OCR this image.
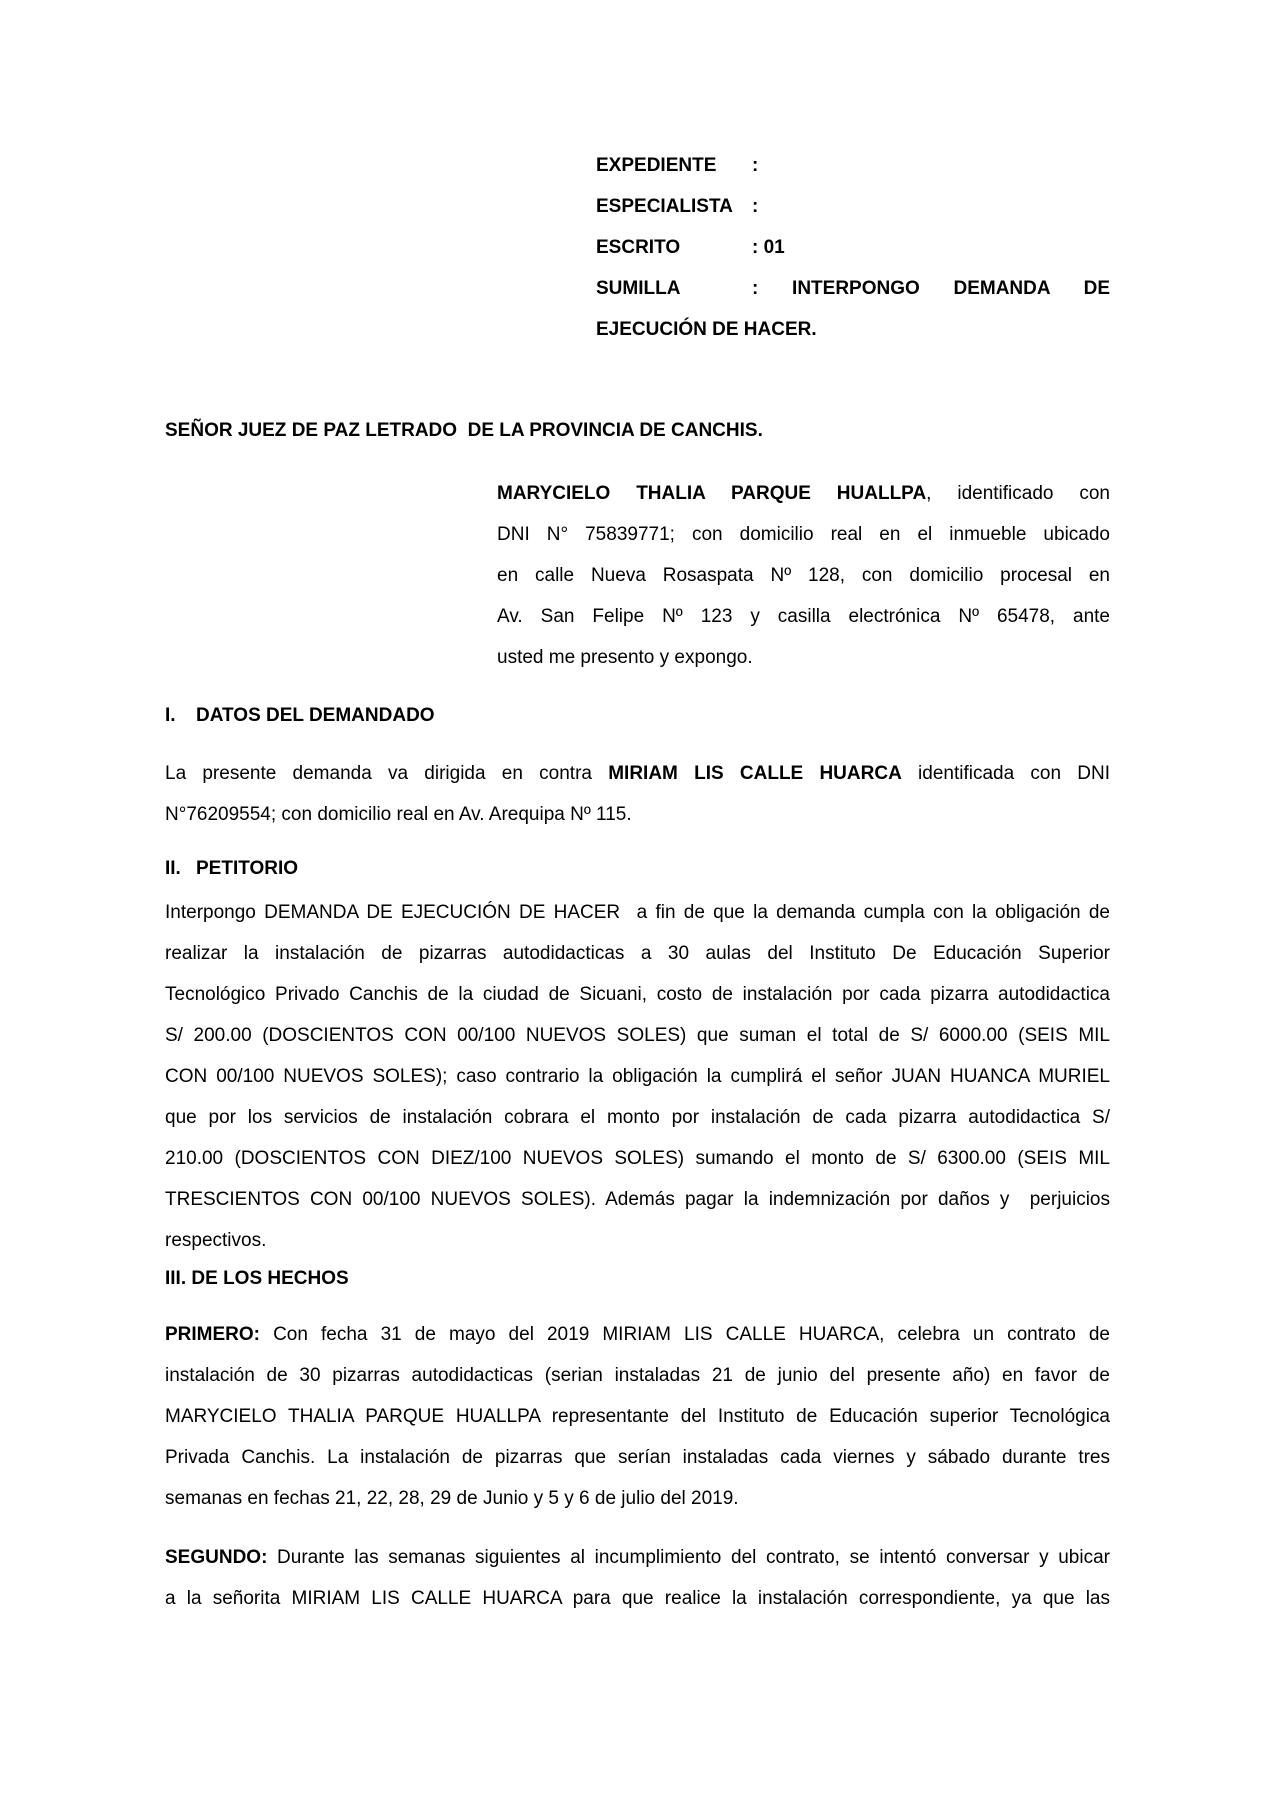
EXPEDIENTE	:
ESPECIALISTA	:
ESCRITO	: 01
SUMILLA	: INTERPONGO DEMANDA DE
EJECUCIÓN DE HACER.
SEÑOR JUEZ DE PAZ LETRADO  DE LA PROVINCIA DE CANCHIS.
MARYCIELO THALIA PARQUE HUALLPA, identificado con
DNI N° 75839771; con domicilio real en el inmueble ubicado
en calle Nueva Rosaspata Nº 128, con domicilio procesal en
Av. San Felipe Nº 123 y casilla electrónica Nº 65478, ante
usted me presento y expongo.
I. DATOS DEL DEMANDADO
La presente demanda va dirigida en contra MIRIAM LIS CALLE HUARCA identificada con DNI
N°76209554; con domicilio real en Av. Arequipa Nº 115.
II. PETITORIO
Interpongo DEMANDA DE EJECUCIÓN DE HACER  a fin de que la demanda cumpla con la obligación de
realizar la instalación de pizarras autodidacticas a 30 aulas del Instituto De Educación Superior
Tecnológico Privado Canchis de la ciudad de Sicuani, costo de instalación por cada pizarra autodidactica
S/ 200.00 (DOSCIENTOS CON 00/100 NUEVOS SOLES) que suman el total de S/ 6000.00 (SEIS MIL
CON 00/100 NUEVOS SOLES); caso contrario la obligación la cumplirá el señor JUAN HUANCA MURIEL
que por los servicios de instalación cobrara el monto por instalación de cada pizarra autodidactica S/
210.00 (DOSCIENTOS CON DIEZ/100 NUEVOS SOLES) sumando el monto de S/ 6300.00 (SEIS MIL
TRESCIENTOS CON 00/100 NUEVOS SOLES). Además pagar la indemnización por daños y  perjuicios
respectivos.
III. DE LOS HECHOS
PRIMERO: Con fecha 31 de mayo del 2019 MIRIAM LIS CALLE HUARCA, celebra un contrato de
instalación de 30 pizarras autodidacticas (serian instaladas 21 de junio del presente año) en favor de
MARYCIELO THALIA PARQUE HUALLPA representante del Instituto de Educación superior Tecnológica
Privada Canchis. La instalación de pizarras que serían instaladas cada viernes y sábado durante tres
semanas en fechas 21, 22, 28, 29 de Junio y 5 y 6 de julio del 2019.
SEGUNDO: Durante las semanas siguientes al incumplimiento del contrato, se intentó conversar y ubicar
a la señorita MIRIAM LIS CALLE HUARCA para que realice la instalación correspondiente, ya que las
